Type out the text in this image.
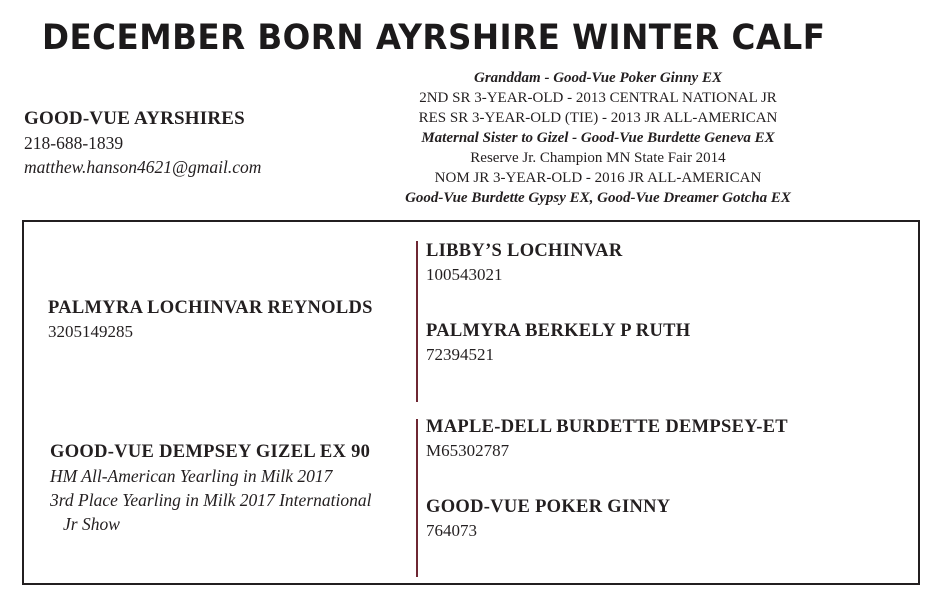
DECEMBER BORN AYRSHIRE WINTER CALF
GOOD-VUE AYRSHIRES
218-688-1839
matthew.hanson4621@gmail.com
Granddam - Good-Vue Poker Ginny EX
2ND SR 3-YEAR-OLD - 2013 CENTRAL NATIONAL JR
RES SR 3-YEAR-OLD (TIE) - 2013 JR ALL-AMERICAN
Maternal Sister to Gizel - Good-Vue Burdette Geneva EX
Reserve Jr. Champion MN State Fair 2014
NOM JR 3-YEAR-OLD - 2016 JR ALL-AMERICAN
Good-Vue Burdette Gypsy EX, Good-Vue Dreamer Gotcha EX
PALMYRA LOCHINVAR REYNOLDS
3205149285
LIBBY’S LOCHINVAR
100543021
PALMYRA BERKELY P RUTH
72394521
GOOD-VUE DEMPSEY GIZEL EX 90
HM All-American Yearling in Milk 2017
3rd Place Yearling in Milk 2017 International
Jr Show
MAPLE-DELL BURDETTE DEMPSEY-ET
M65302787
GOOD-VUE POKER GINNY
764073
